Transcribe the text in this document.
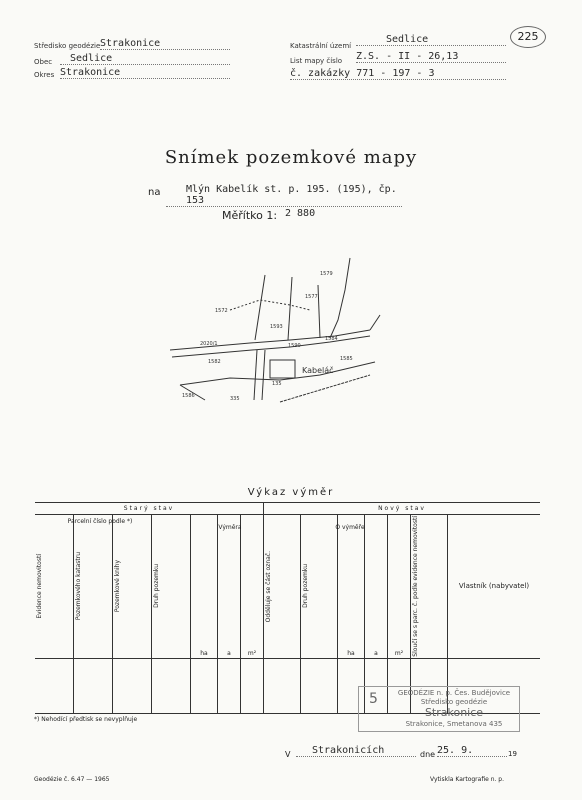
225
Středisko geodézie Strakonice
Obec	Sedlice
Okres Strakonice
Katastrální území
Sedlice
List mapy číslo Z.S. - II - 26,13
č. zakázky 771 - 197 - 3
Snímek pozemkové mapy
na	Mlýn Kabelík st. p. 195. (195), čp. 153
Měřítko 1: 2 880
1572
1593
1577
1579
2020/1
1582
1590
1585
1584
1586	335
135
Kabeláč
Výkaz výměr
Starý stav							Nový stav						

Evidence nemovitostí	Pozemkového katastru	Pozemkové knihy	Druh pozemku	ha	a	m²	Odděluje se část označ.	Druh pozemku	ha	a	m²	Sloučí se s parc. č. podle evidence nemovitostí	Vlastník (nabyvatel)

Parcelní číslo podle *)
Výměra	O výměře
*) Nehodící předtisk se nevyplňuje
5	GEODÉZIE n. p. Čes. Budějovice
Středisko geodézie
Strakonice
Strakonice, Smetanova 435
V	Strakonicích	dne 25. 9.	19
Geodézie č. 6.47 — 1965	Vytiskla Kartografie n. p.
